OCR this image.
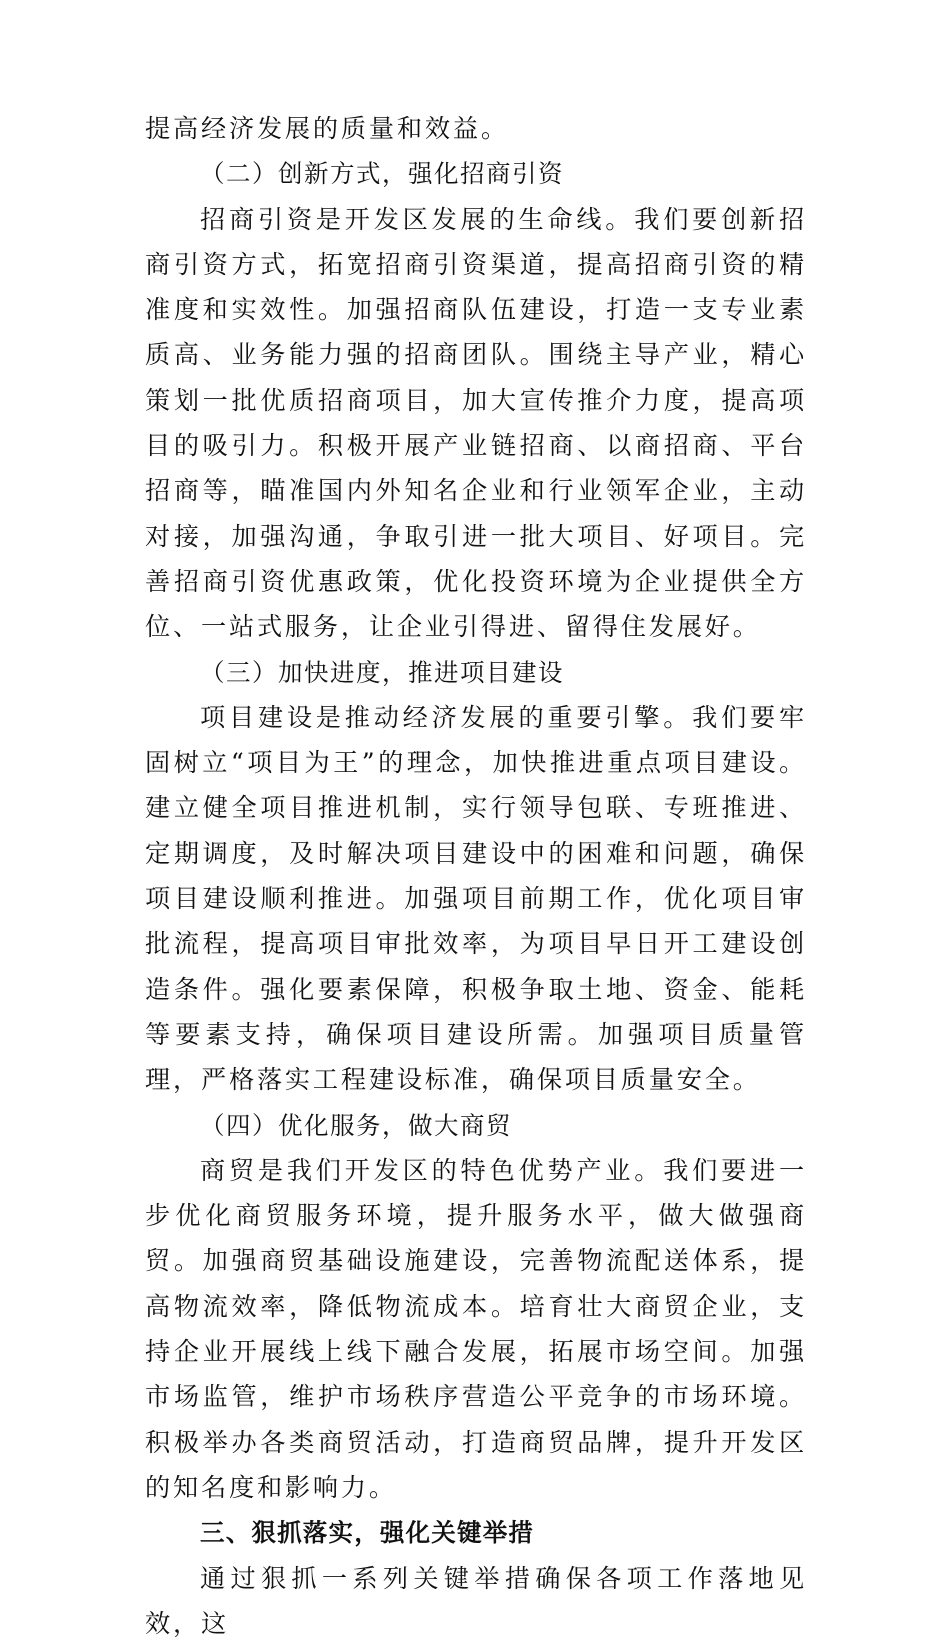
提高经济发展的质量和效益。

（二）创新方式，强化招商引资

招商引资是开发区发展的生命线。我们要创新招商引资方式，拓宽招商引资渠道，提高招商引资的精准度和实效性。加强招商队伍建设，打造一支专业素质高、业务能力强的招商团队。围绕主导产业，精心策划一批优质招商项目，加大宣传推介力度，提高项目的吸引力。积极开展产业链招商、以商招商、平台招商等，瞄准国内外知名企业和行业领军企业，主动对接，加强沟通，争取引进一批大项目、好项目。完善招商引资优惠政策，优化投资环境为企业提供全方位、一站式服务，让企业引得进、留得住发展好。

（三）加快进度，推进项目建设

项目建设是推动经济发展的重要引擎。我们要牢固树立“项目为王”的理念，加快推进重点项目建设。建立健全项目推进机制，实行领导包联、专班推进、定期调度，及时解决项目建设中的困难和问题，确保项目建设顺利推进。加强项目前期工作，优化项目审批流程，提高项目审批效率，为项目早日开工建设创造条件。强化要素保障，积极争取土地、资金、能耗等要素支持，确保项目建设所需。加强项目质量管理，严格落实工程建设标准，确保项目质量安全。

（四）优化服务，做大商贸

商贸是我们开发区的特色优势产业。我们要进一步优化商贸服务环境，提升服务水平，做大做强商贸。加强商贸基础设施建设，完善物流配送体系，提高物流效率，降低物流成本。培育壮大商贸企业，支持企业开展线上线下融合发展，拓展市场空间。加强市场监管，维护市场秩序营造公平竞争的市场环境。积极举办各类商贸活动，打造商贸品牌，提升开发区的知名度和影响力。

三、狠抓落实，强化关键举措

通过狠抓一系列关键举措确保各项工作落地见效，这
